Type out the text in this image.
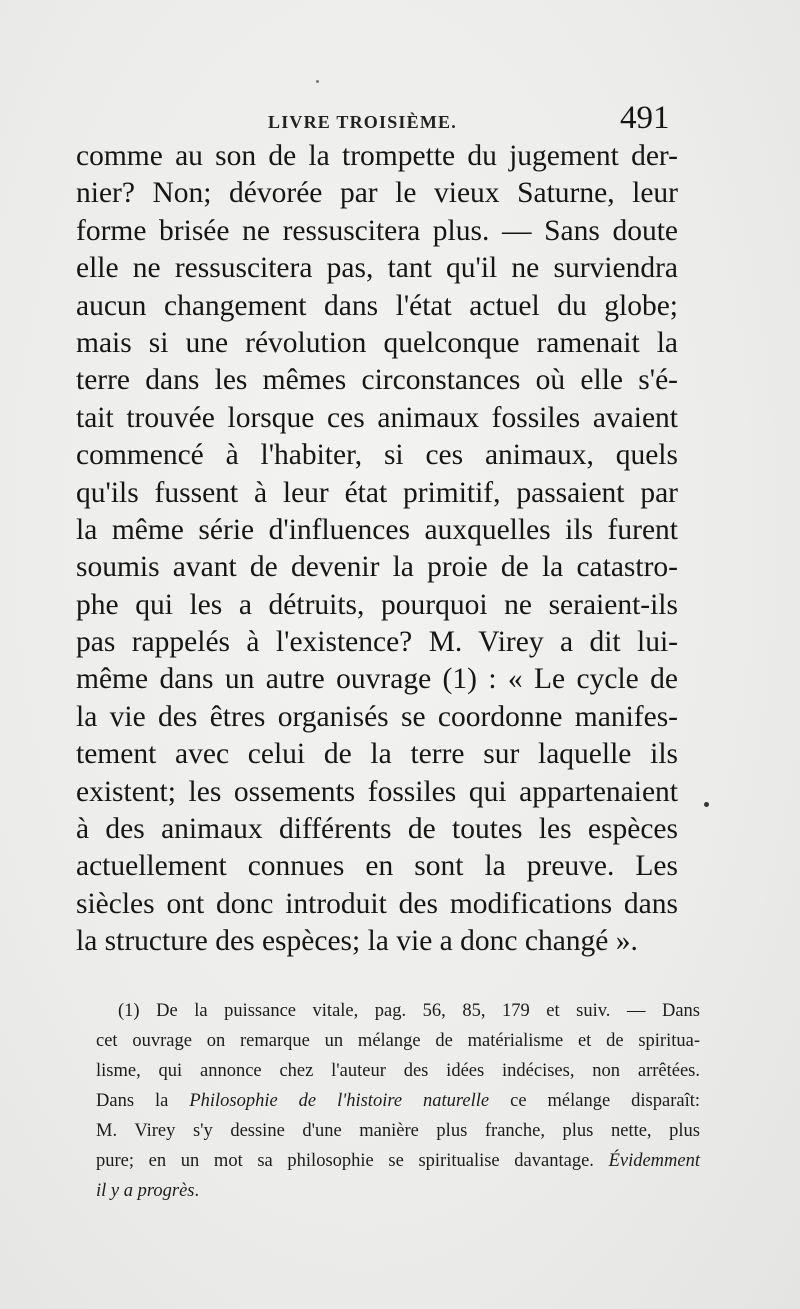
LIVRE TROISIÈME.	491
comme au son de la trompette du jugement der-
nier? Non; dévorée par le vieux Saturne, leur
forme brisée ne ressuscitera plus. — Sans doute
elle ne ressuscitera pas, tant qu'il ne surviendra
aucun changement dans l'état actuel du globe;
mais si une révolution quelconque ramenait la
terre dans les mêmes circonstances où elle s'é-
tait trouvée lorsque ces animaux fossiles avaient
commencé à l'habiter, si ces animaux, quels
qu'ils fussent à leur état primitif, passaient par
la même série d'influences auxquelles ils furent
soumis avant de devenir la proie de la catastro-
phe qui les a détruits, pourquoi ne seraient-ils
pas rappelés à l'existence? M. Virey a dit lui-
même dans un autre ouvrage (1) : « Le cycle de
la vie des êtres organisés se coordonne manifes-
tement avec celui de la terre sur laquelle ils
existent; les ossements fossiles qui appartenaient
à des animaux différents de toutes les espèces
actuellement connues en sont la preuve. Les
siècles ont donc introduit des modifications dans
la structure des espèces; la vie a donc changé ».
(1) De la puissance vitale, pag. 56, 85, 179 et suiv. — Dans
cet ouvrage on remarque un mélange de matérialisme et de spiritua-
lisme, qui annonce chez l'auteur des idées indécises, non arrêtées.
Dans la Philosophie de l'histoire naturelle ce mélange disparaît:
M. Virey s'y dessine d'une manière plus franche, plus nette, plus
pure; en un mot sa philosophie se spiritualise davantage. Évidemment
il y a progrès.
